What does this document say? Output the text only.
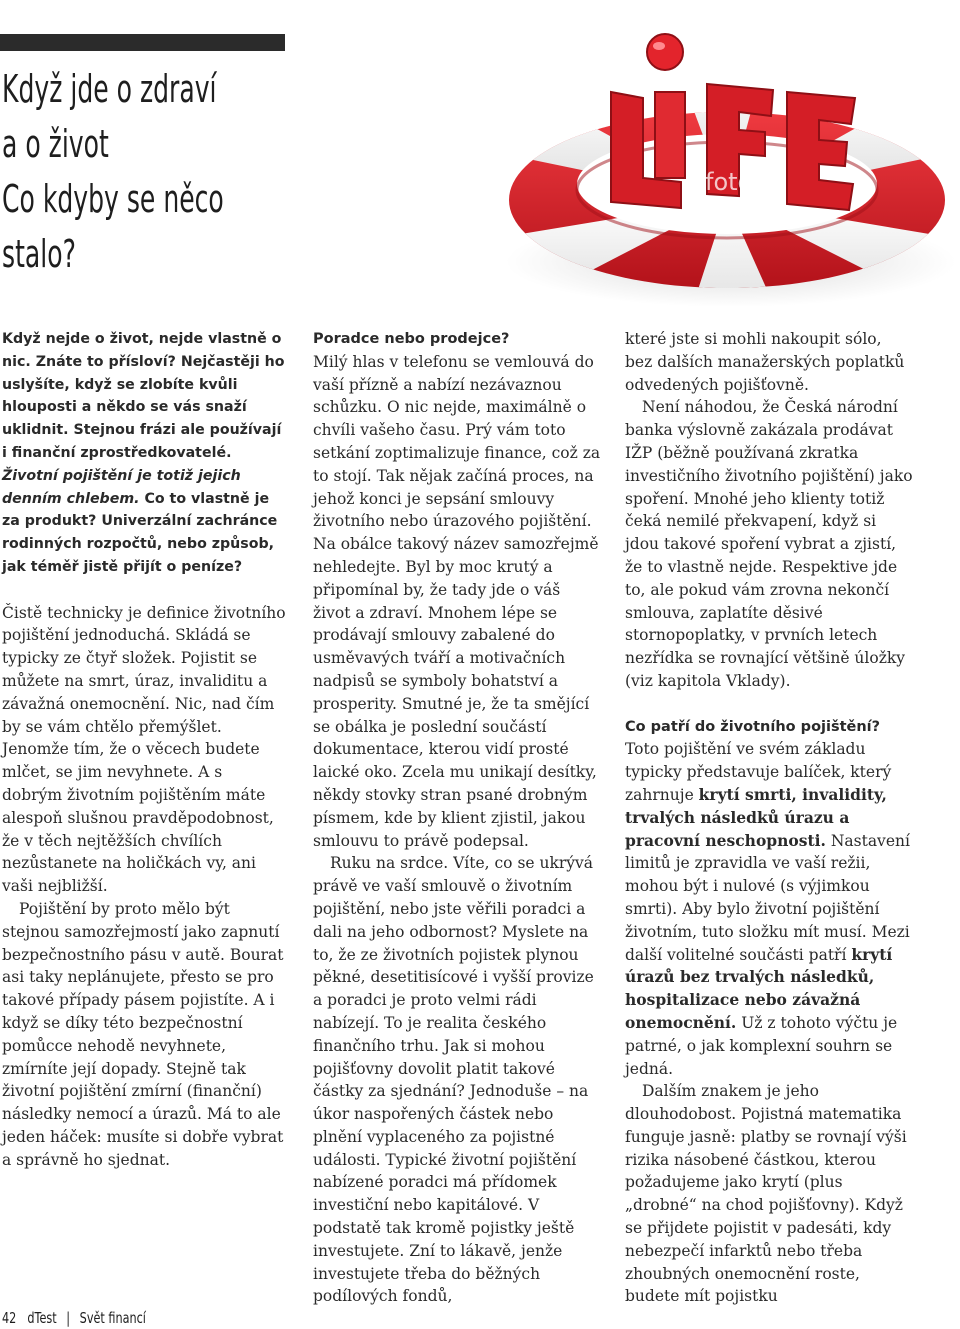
Když jde o zdraví
a o život
Co kdyby se něco
stalo?
fotolia

Když nejde o život, nejde vlastně o nic. Znáte to přísloví? Nejčastěji ho uslyšíte, když se zlobíte kvůli hlouposti a někdo se vás snaží uklidnit. Stejnou frázi ale používají i finanční zprostředkovatelé. Životní pojištění je totiž jejich denním chlebem. Co to vlastně je za produkt? Univerzální zachránce rodinných rozpočtů, nebo způsob, jak téměř jistě přijít o peníze?

Čistě technicky je definice životního pojištění jednoduchá. Skládá se typicky ze čtyř složek. Pojistit se můžete na smrt, úraz, invaliditu a závažná onemocnění. Nic, nad čím by se vám chtělo přemýšlet. Jenomže tím, že o věcech budete mlčet, se jim nevyhnete. A s dobrým životním pojištěním máte alespoň slušnou pravděpodobnost, že v těch nejtěžších chvílích nezůstanete na holičkách vy, ani vaši nejbližší.

Pojištění by proto mělo být stejnou samozřejmostí jako zapnutí bezpečnostního pásu v autě. Bourat asi taky neplánujete, přesto se pro takové případy pásem pojistíte. A i když se díky této bezpečnostní pomůcce nehodě nevyhnete, zmírníte její dopady. Stejně tak životní pojištění zmírní (finanční) následky nemocí a úrazů. Má to ale jeden háček: musíte si dobře vybrat a správně ho sjednat.

Poradce nebo prodejce?

Milý hlas v telefonu se vemlouvá do vaší přízně a nabízí nezávaznou schůzku. O nic nejde, maximálně o chvíli vašeho času. Prý vám toto setkání zoptimalizuje finance, což za to stojí. Tak nějak začíná proces, na jehož konci je sepsání smlouvy životního nebo úrazového pojištění. Na obálce takový název samozřejmě nehledejte. Byl by moc krutý a připomínal by, že tady jde o váš život a zdraví. Mnohem lépe se prodávají smlouvy zabalené do usměvavých tváří a motivačních nadpisů se symboly bohatství a prosperity. Smutné je, že ta smějící se obálka je poslední součástí dokumentace, kterou vidí prosté laické oko. Zcela mu unikají desítky, někdy stovky stran psané drobným písmem, kde by klient zjistil, jakou smlouvu to právě podepsal.

Ruku na srdce. Víte, co se ukrývá právě ve vaší smlouvě o životním pojištění, nebo jste věřili poradci a dali na jeho odbornost? Myslete na to, že ze životních pojistek plynou pěkné, desetitisícové i vyšší provize a poradci je proto velmi rádi nabízejí. To je realita českého finančního trhu. Jak si mohou pojišťovny dovolit platit takové částky za sjednání? Jednoduše – na úkor naspořených částek nebo plnění vyplaceného za pojistné události. Typické životní pojištění nabízené poradci má přídomek investiční nebo kapitálové. V podstatě tak kromě pojistky ještě investujete. Zní to lákavě, jenže investujete třeba do běžných podílových fondů,

které jste si mohli nakoupit sólo, bez dalších manažerských poplatků odvedených pojišťovně.

Není náhodou, že Česká národní banka výslovně zakázala prodávat IŽP (běžně používaná zkratka investičního životního pojištění) jako spoření. Mnohé jeho klienty totiž čeká nemilé překvapení, když si jdou takové spoření vybrat a zjistí, že to vlastně nejde. Respektive jde to, ale pokud vám zrovna nekončí smlouva, zaplatíte děsivé stornopoplatky, v prvních letech nezřídka se rovnající většině úložky (viz kapitola Vklady).

Co patří do životního pojištění?

Toto pojištění ve svém základu typicky představuje balíček, který zahrnuje krytí smrti, invalidity, trvalých následků úrazu a pracovní neschopnosti. Nastavení limitů je zpravidla ve vaší režii, mohou být i nulové (s výjimkou smrti). Aby bylo životní pojištění životním, tuto složku mít musí. Mezi další volitelné součásti patří krytí úrazů bez trvalých následků, hospitalizace nebo závažná onemocnění. Už z tohoto výčtu je patrné, o jak komplexní souhrn se jedná.

Dalším znakem je jeho dlouhodobost. Pojistná matematika funguje jasně: platby se rovnají výši rizika násobené částkou, kterou požadujeme jako krytí (plus „drobné“ na chod pojišťovny). Když se přijdete pojistit v padesáti, kdy nebezpečí infarktů nebo třeba zhoubných onemocnění roste, budete mít pojistku

42 dTest | Svět financí
